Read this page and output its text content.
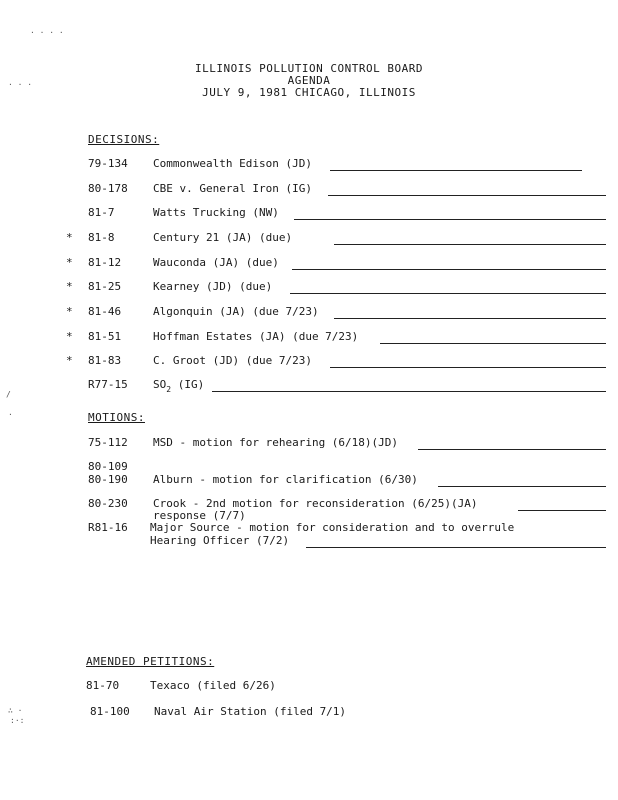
· · · ·
· · ·
/
·
∴ ·
:·:
ILLINOIS POLLUTION CONTROL BOARD
AGENDA
JULY 9, 1981 CHICAGO, ILLINOIS
DECISIONS:
79-134 Commonwealth Edison (JD)
80-178 CBE v. General Iron (IG)
81-7	Watts Trucking (NW)
* 81-8	Century 21 (JA) (due)
* 81-12	Wauconda (JA) (due)
* 81-25	Kearney (JD) (due)
* 81-46	Algonquin (JA) (due 7/23)
* 81-51	Hoffman Estates (JA) (due 7/23)
* 81-83	C. Groot (JD) (due 7/23)
R77-15 $SO_2$ (IG)
MOTIONS:
75-112 MSD - motion for rehearing (6/18)(JD)
80-109
80-190 Alburn - motion for clarification (6/30)
80-230 Crook - 2nd motion for reconsideration (6/25)(JA)
response (7/7)
R81-16 Major Source - motion for consideration and to overrule
Hearing Officer (7/2)
AMENDED PETITIONS:
81-70	Texaco (filed 6/26)
81-100 Naval Air Station (filed 7/1)
